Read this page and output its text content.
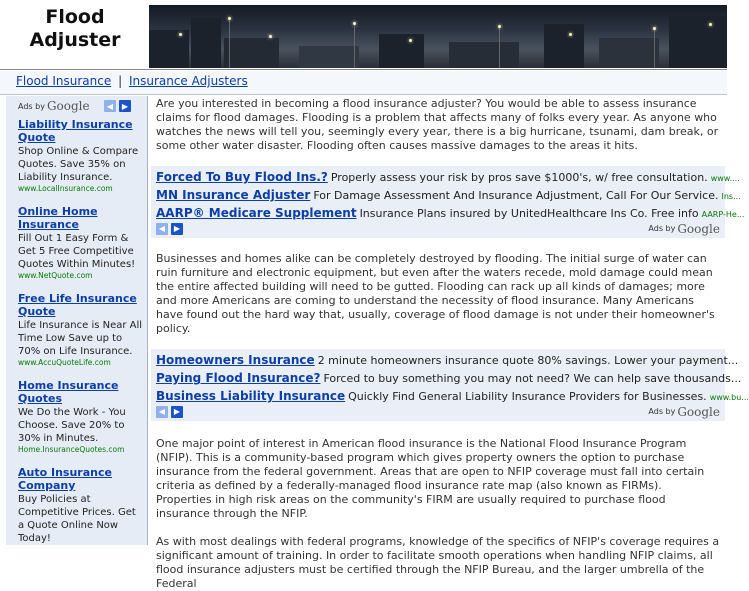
Flood
Adjuster
Flood Insurance | Insurance Adjusters
Ads by Google	◀	▶
Liability Insurance Quote
Shop Online & Compare Quotes. Save 35% on Liability Insurance.
www.LocalInsurance.com
Online Home Insurance
Fill Out 1 Easy Form & Get 5 Free Competitive Quotes Within Minutes!
www.NetQuote.com
Free Life Insurance Quote
Life Insurance is Near All Time Low Save up to 70% on Life Insurance.
www.AccuQuoteLife.com
Home Insurance Quotes
We Do the Work - You Choose. Save 20% to 30% in Minutes.
Home.InsuranceQuotes.com
Auto Insurance Company
Buy Policies at Competitive Prices. Get a Quote Online Now Today!

Are you interested in becoming a flood insurance adjuster? You would be able to assess insurance claims for flood damages. Flooding is a problem that affects many of folks every year. As anyone who watches the news will tell you, seemingly every year, there is a big hurricane, tsunami, dam break, or some other water disaster. Flooding often causes massive damages to the areas it hits.

Forced To Buy Flood Ins.? Properly assess your risk by pros save $1000's, w/ free consultation. www....
MN Insurance Adjuster For Damage Assessment And Insurance Adjustment, Call For Our Service. Ins...
AARP® Medicare Supplement Insurance Plans insured by UnitedHealthcare Ins Co. Free info AARP-He...
◀	▶	Ads by Google

Businesses and homes alike can be completely destroyed by flooding. The initial surge of water can ruin furniture and electronic equipment, but even after the waters recede, mold damage could mean the entire affected building will need to be gutted. Flooding can rack up all kinds of damages; more and more Americans are coming to understand the necessity of flood insurance. Many Americans have found out the hard way that, usually, coverage of flood damage is not under their homeowner's policy.

Homeowners Insurance 2 minute homeowners insurance quote 80% savings. Lower your payment...
Paying Flood Insurance? Forced to buy something you may not need? We can help save thousands...
Business Liability Insurance Quickly Find General Liability Insurance Providers for Businesses. www.bu...
◀	▶	Ads by Google

One major point of interest in American flood insurance is the National Flood Insurance Program (NFIP). This is a community-based program which gives property owners the option to purchase insurance from the federal government. Areas that are open to NFIP coverage must fall into certain criteria as defined by a federally-managed flood insurance rate map (also known as FIRMs). Properties in high risk areas on the community's FIRM are usually required to purchase flood insurance through the NFIP.

As with most dealings with federal programs, knowledge of the specifics of NFIP's coverage requires a significant amount of training. In order to facilitate smooth operations when handling NFIP claims, all flood insurance adjusters must be certified through the NFIP Bureau, and the larger umbrella of the Federal
